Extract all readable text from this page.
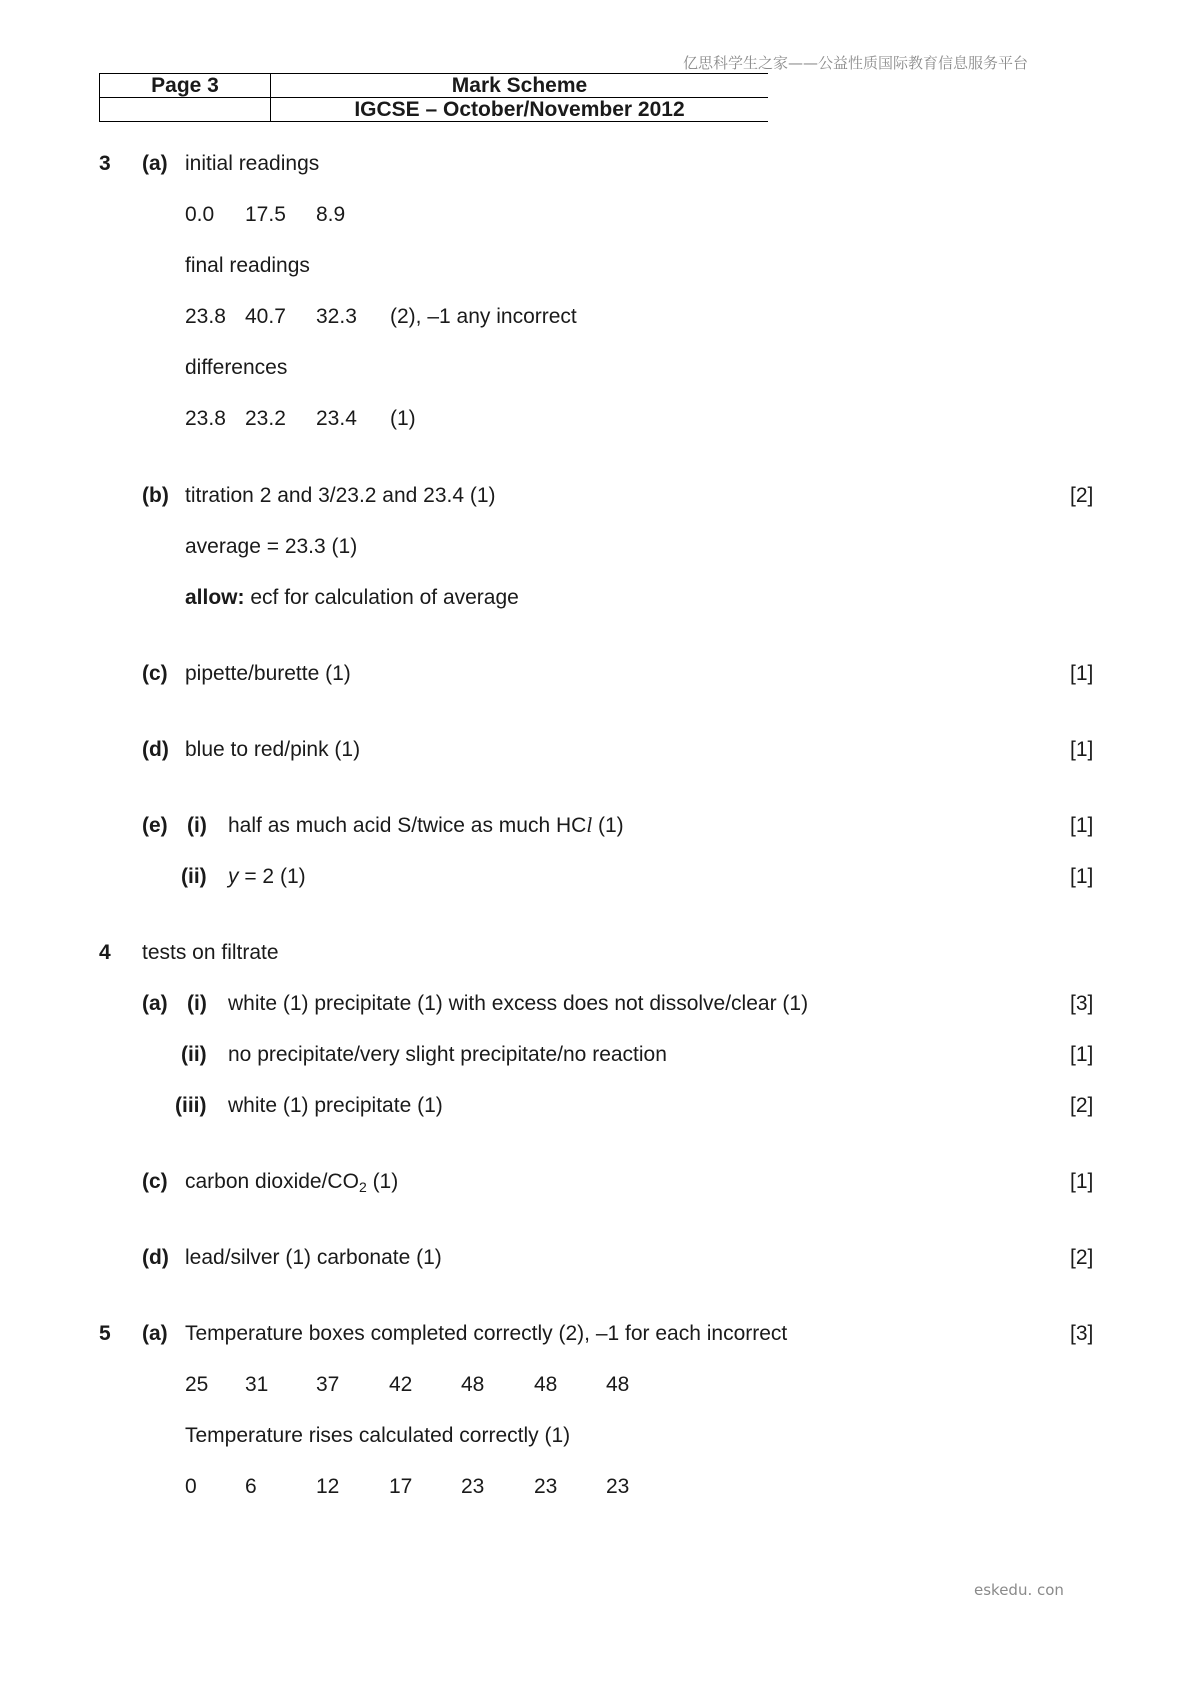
亿思科学生之家——公益性质国际教育信息服务平台
eskedu. con
Page 3	Mark Scheme
	IGCSE – October/November 2012
3 (a) initial readings
0.0 17.5 8.9
final readings
23.8 40.7 32.3 (2), –1 any incorrect
differences
23.8 23.2 23.4 (1)
(b) titration 2 and 3/23.2 and 23.4 (1)	[2]
average = 23.3 (1)
allow: ecf for calculation of average
(c) pipette/burette (1)	[1]
(d) blue to red/pink (1)	[1]
(e) (i) half as much acid S/twice as much HCl (1)	[1]
(ii) y = 2 (1)	[1]
4 tests on filtrate
(a) (i) white (1) precipitate (1) with excess does not dissolve/clear (1)	[3]
(ii) no precipitate/very slight precipitate/no reaction	[1]
(iii) white (1) precipitate (1)	[2]
(c) carbon dioxide/$CO_2$ (1)	[1]
(d) lead/silver (1) carbonate (1)	[2]
5 (a) Temperature boxes completed correctly (2), –1 for each incorrect	[3]
25 31 37 42 48 48 48
Temperature rises calculated correctly (1)
0 6	12 17 23 23 23
